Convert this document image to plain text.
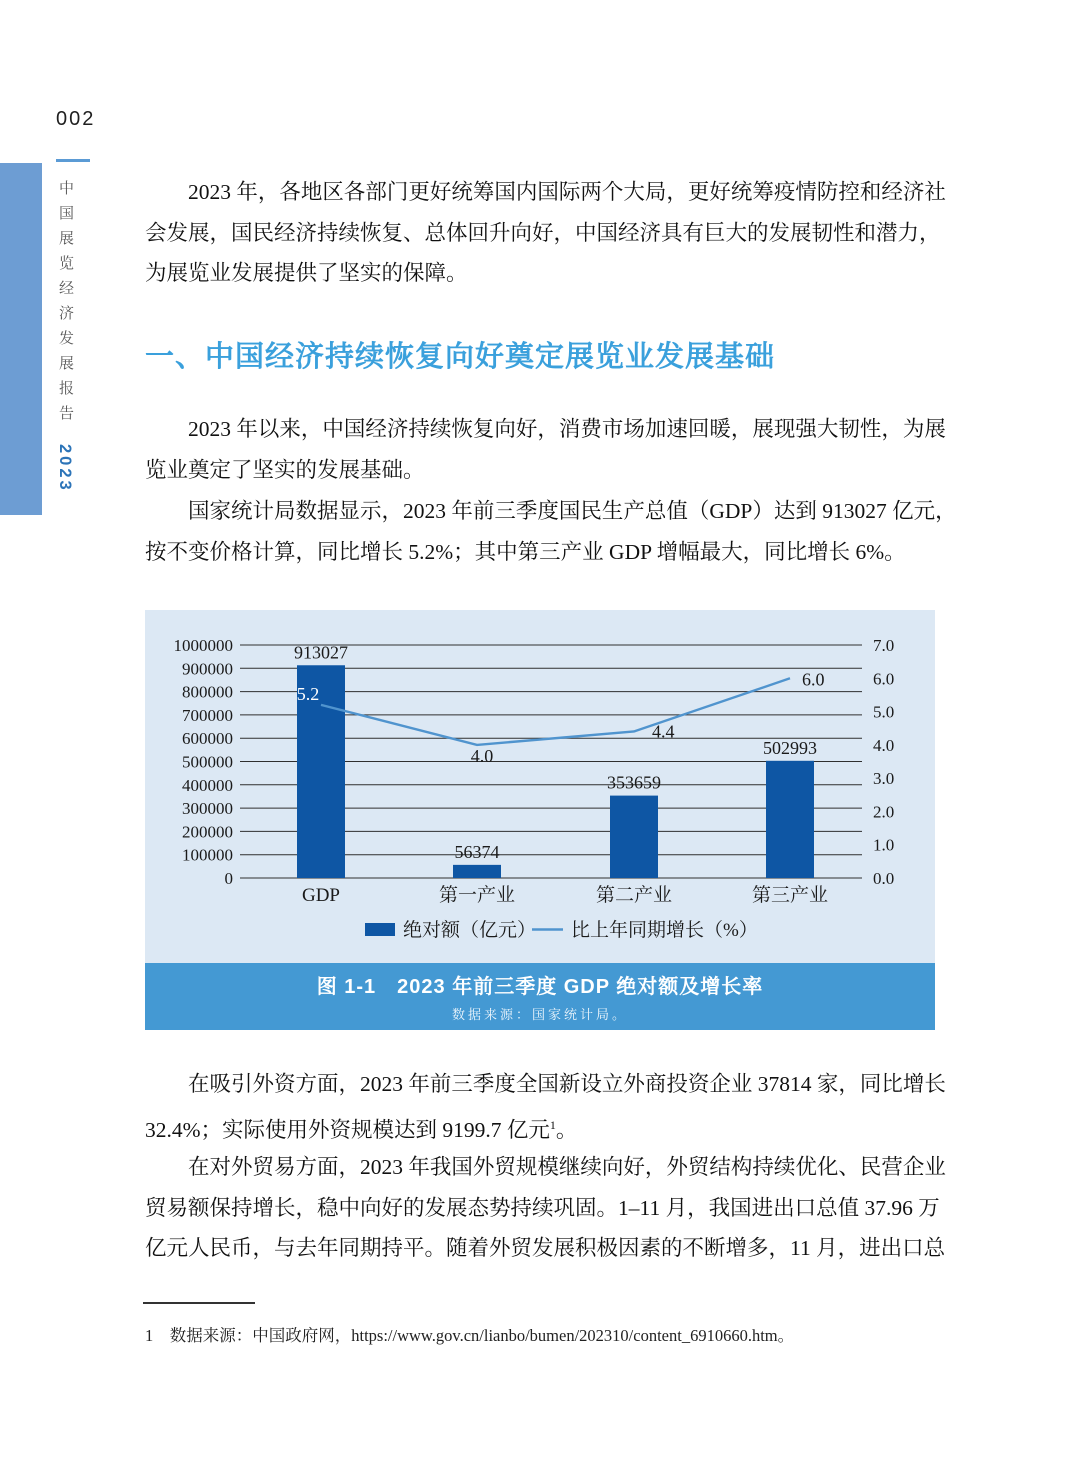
002
中国展览经济发展报告 2023
2023 年，各地区各部门更好统筹国内国际两个大局，更好统筹疫情防控和经济社
会发展，国民经济持续恢复、总体回升向好，中国经济具有巨大的发展韧性和潜力，
为展览业发展提供了坚实的保障。
一、中国经济持续恢复向好奠定展览业发展基础
2023 年以来，中国经济持续恢复向好，消费市场加速回暖，展现强大韧性，为展
览业奠定了坚实的发展基础。
国家统计局数据显示，2023 年前三季度国民生产总值（GDP）达到 913027 亿元，
按不变价格计算，同比增长 5.2%；其中第三产业 GDP 增幅最大，同比增长 6%。
0
100000
200000
300000
400000
500000
600000
700000
800000
900000
1000000
0.0
1.0
2.0
3.0
4.0
5.0
6.0
7.0
913027
56374
353659
502993
5.2
4.0
4.4
6.0
GDP	第一产业	第二产业	第三产业
绝对额（亿元） 比上年同期增长（%）
图 1-1　2023 年前三季度 GDP 绝对额及增长率
数据来源：国家统计局。
在吸引外资方面，2023 年前三季度全国新设立外商投资企业 37814 家，同比增长
32.4%；实际使用外资规模达到 9199.7 亿元$^1$。
在对外贸易方面，2023 年我国外贸规模继续向好，外贸结构持续优化、民营企业
贸易额保持增长，稳中向好的发展态势持续巩固。1–11 月，我国进出口总值 37.96 万
亿元人民币，与去年同期持平。随着外贸发展积极因素的不断增多，11 月，进出口总
1　数据来源：中国政府网，https://www.gov.cn/lianbo/bumen/202310/content_6910660.htm。
